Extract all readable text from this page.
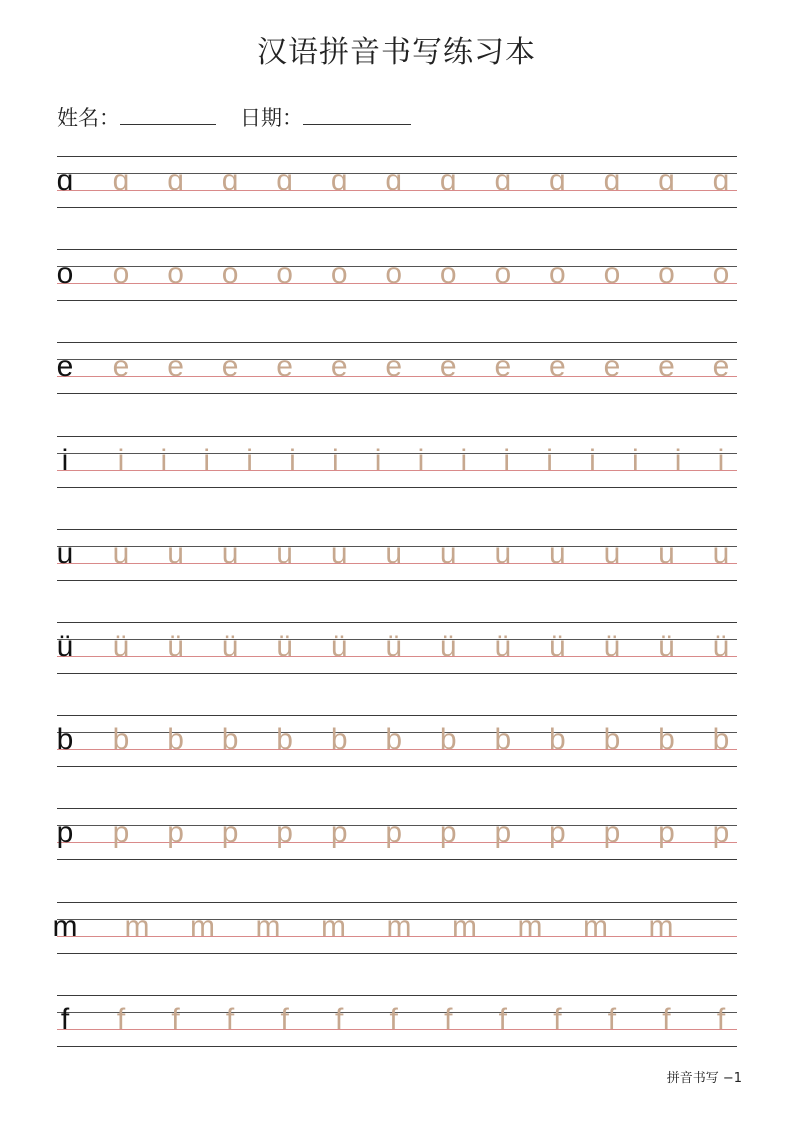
汉语拼音书写练习本
姓名：	日期：
ɑ ɑ ɑ ɑ ɑ ɑ ɑ ɑ ɑ ɑ ɑ ɑ ɑ
o o o o o o o o o o o o o
e e e e e e e e e e e e e
i i i i i i i i i i i i i i i i
u u u u u u u u u u u u u
ü ü ü ü ü ü ü ü ü ü ü ü ü
b b b b b b b b b b b b b
p p p p p p p p p p p p p
m m m m m m m m m m
f f f f f f f f f f f f f
拼音书写 −1
